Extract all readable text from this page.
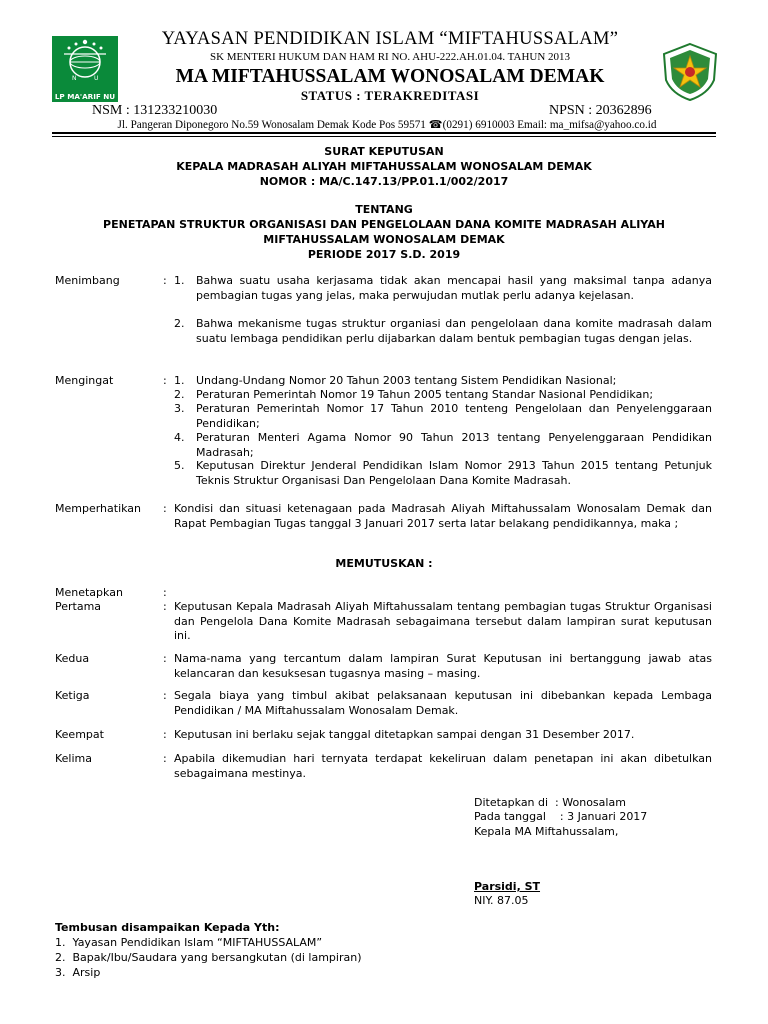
N	U
LP MA'ARIF NU
YAYASAN PENDIDIKAN ISLAM “MIFTAHUSSALAM”
SK MENTERI HUKUM DAN HAM RI NO. AHU-222.AH.01.04. TAHUN 2013
MA MIFTAHUSSALAM WONOSALAM DEMAK
STATUS : TERAKREDITASI
NSM : 131233210030	NPSN : 20362896
Jl. Pangeran Diponegoro No.59 Wonosalam Demak Kode Pos 59571 ☎(0291) 6910003 Email: ma_mifsa@yahoo.co.id
SURAT KEPUTUSAN
KEPALA MADRASAH ALIYAH MIFTAHUSSALAM WONOSALAM DEMAK
NOMOR : MA/C.147.13/PP.01.1/002/2017
TENTANG
PENETAPAN STRUKTUR ORGANISASI DAN PENGELOLAAN DANA KOMITE MADRASAH ALIYAH
MIFTAHUSSALAM WONOSALAM DEMAK
PERIODE 2017 S.D. 2019
Menimbang	: 1.	Bahwa suatu usaha kerjasama tidak akan mencapai hasil yang maksimal tanpa adanya pembagian tugas yang jelas, maka perwujudan mutlak perlu adanya kejelasan.
2.	Bahwa mekanisme tugas struktur organiasi dan pengelolaan dana komite madrasah dalam suatu lembaga pendidikan perlu dijabarkan dalam bentuk pembagian tugas dengan jelas.
Mengingat	: 1.	Undang-Undang Nomor 20 Tahun 2003 tentang Sistem Pendidikan Nasional;
2.	Peraturan Pemerintah Nomor 19 Tahun 2005 tentang Standar Nasional Pendidikan;
3.	Peraturan Pemerintah Nomor 17 Tahun 2010 tenteng Pengelolaan dan Penyelenggaraan Pendidikan;
4.	Peraturan Menteri Agama Nomor 90 Tahun 2013 tentang Penyelenggaraan Pendidikan Madrasah;
5.	Keputusan Direktur Jenderal Pendidikan Islam Nomor 2913 Tahun 2015 tentang Petunjuk Teknis Struktur Organisasi Dan Pengelolaan Dana Komite Madrasah.
Memperhatikan : Kondisi dan situasi ketenagaan pada Madrasah Aliyah Miftahussalam Wonosalam Demak dan Rapat Pembagian Tugas tanggal 3 Januari 2017 serta latar belakang pendidikannya, maka ;
MEMUTUSKAN :
Menetapkan	:
Pertama	: Keputusan Kepala Madrasah Aliyah Miftahussalam tentang pembagian tugas Struktur Organisasi dan Pengelola Dana Komite Madrasah sebagaimana tersebut dalam lampiran surat keputusan ini.
Kedua	: Nama-nama yang tercantum dalam lampiran Surat Keputusan ini bertanggung jawab atas kelancaran dan kesuksesan tugasnya masing – masing.
Ketiga	: Segala biaya yang timbul akibat pelaksanaan keputusan ini dibebankan kepada Lembaga Pendidikan / MA Miftahussalam Wonosalam Demak.
Keempat	: Keputusan ini berlaku sejak tanggal ditetapkan sampai dengan 31 Desember 2017.
Kelima	: Apabila dikemudian hari ternyata terdapat kekeliruan dalam penetapan ini akan dibetulkan sebagaimana mestinya.
Ditetapkan di  : Wonosalam
Pada tanggal    : 3 Januari 2017
Kepala MA Miftahussalam,
Parsidi, ST
NIY. 87.05
Tembusan disampaikan Kepada Yth:
1.  Yayasan Pendidikan Islam “MIFTAHUSSALAM”
2.  Bapak/Ibu/Saudara yang bersangkutan (di lampiran)
3.  Arsip
